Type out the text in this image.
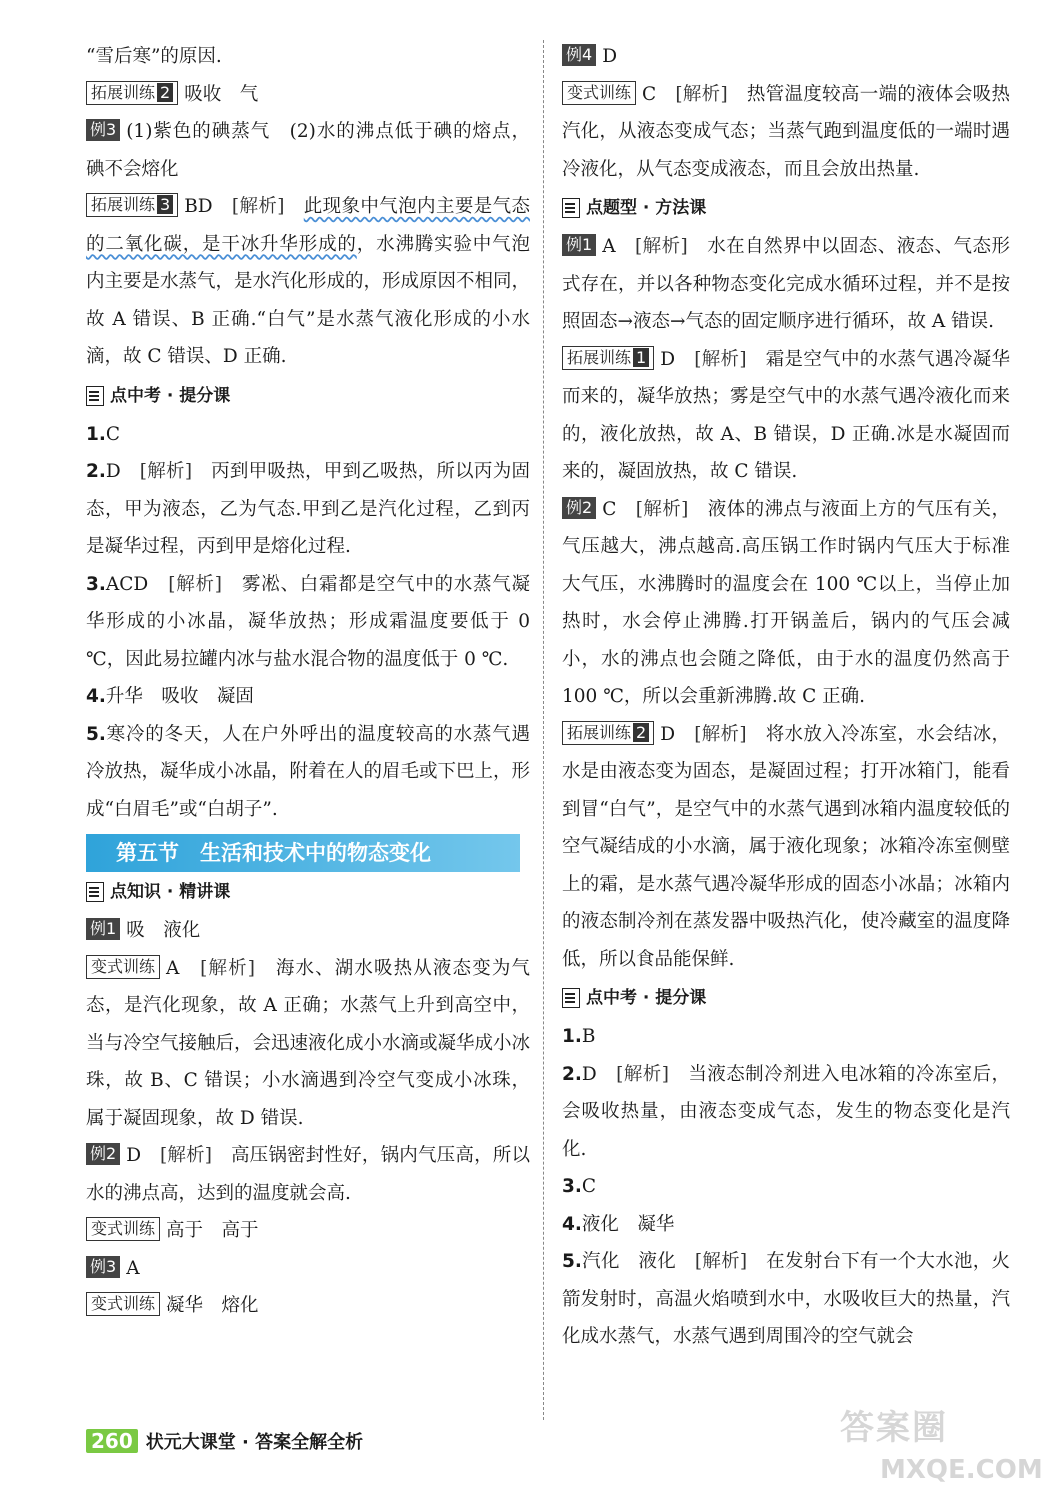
“雪后寒”的原因.

拓展训练 2 吸收　气

例3 (1)紫色的碘蒸气　(2)水的沸点低于碘的熔点，碘不会熔化

拓展训练 3 BD　 [解析]　 此现象中气泡内主要是气态的二氧化碳，是干冰升华形成的，水沸腾实验中气泡内主要是水蒸气，是水汽化形成的，形成原因不相同，故 A 错误、B 正确.“白气”是水蒸气液化形成的小水滴，故 C 错误、D 正确.

点中考 · 提分课

1.C

2.D　 [解析]　 丙到甲吸热，甲到乙吸热，所以丙为固态，甲为液态，乙为气态.甲到乙是汽化过程，乙到丙是凝华过程，丙到甲是熔化过程.

3.ACD　 [解析]　 雾凇、白霜都是空气中的水蒸气凝华形成的小冰晶，凝华放热；形成霜温度要低于 0 ℃，因此易拉罐内冰与盐水混合物的温度低于 0 ℃.

4.升华　吸收　凝固

5.寒冷的冬天，人在户外呼出的温度较高的水蒸气遇冷放热，凝华成小冰晶，附着在人的眉毛或下巴上，形成“白眉毛”或“白胡子”.

第五节　生活和技术中的物态变化
点知识 · 精讲课

例1 吸　液化

变式训练 A　 [解析]　 海水、湖水吸热从液态变为气态，是汽化现象，故 A 正确；水蒸气上升到高空中，当与冷空气接触后，会迅速液化成小水滴或凝华成小冰珠，故 B、C 错误；小水滴遇到冷空气变成小冰珠，属于凝固现象，故 D 错误.

例2 D　 [解析]　 高压锅密封性好，锅内气压高，所以水的沸点高，达到的温度就会高.

变式训练 高于　高于

例3 A

变式训练 凝华　熔化

例4 D

变式训练 C　 [解析]　 热管温度较高一端的液体会吸热汽化，从液态变成气态；当蒸气跑到温度低的一端时遇冷液化，从气态变成液态，而且会放出热量.

点题型 · 方法课

例1 A　 [解析]　 水在自然界中以固态、液态、气态形式存在，并以各种物态变化完成水循环过程，并不是按照固态→液态→气态的固定顺序进行循环，故 A 错误.

拓展训练 1 D　 [解析]　 霜是空气中的水蒸气遇冷凝华而来的，凝华放热；雾是空气中的水蒸气遇冷液化而来的，液化放热，故 A、B 错误，D 正确.冰是水凝固而来的，凝固放热，故 C 错误.

例2 C　 [解析]　 液体的沸点与液面上方的气压有关，气压越大，沸点越高.高压锅工作时锅内气压大于标准大气压，水沸腾时的温度会在 100 ℃以上，当停止加热时，水会停止沸腾.打开锅盖后，锅内的气压会减小，水的沸点也会随之降低，由于水的温度仍然高于 100 ℃，所以会重新沸腾.故 C 正确.

拓展训练 2 D　 [解析]　 将水放入冷冻室，水会结冰，水是由液态变为固态，是凝固过程；打开冰箱门，能看到冒“白气”，是空气中的水蒸气遇到冰箱内温度较低的空气凝结成的小水滴，属于液化现象；冰箱冷冻室侧壁上的霜，是水蒸气遇冷凝华形成的固态小冰晶；冰箱内的液态制冷剂在蒸发器中吸热汽化，使冷藏室的温度降低，所以食品能保鲜.

点中考 · 提分课

1.B

2.D　 [解析]　 当液态制冷剂进入电冰箱的冷冻室后，会吸收热量，由液态变成气态，发生的物态变化是汽化.

3.C

4.液化　凝华

5.汽化　液化　 [解析]　 在发射台下有一个大水池，火箭发射时，高温火焰喷到水中，水吸收巨大的热量，汽化成水蒸气，水蒸气遇到周围冷的空气就会

260 状元大课堂 · 答案全解全析	答案圈
MXQE.COM
